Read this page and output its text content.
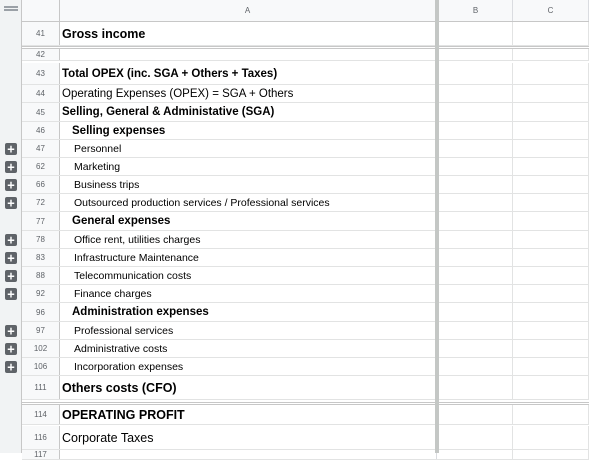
+
+
+
+
+
+
+
+
+
+
+
A	B	C
41	Gross income
42
43	Total OPEX (inc. SGA + Others + Taxes)
44	Operating Expenses (OPEX) = SGA + Others
45	Selling, General & Administative (SGA)
46	Selling expenses
47	Personnel
62	Marketing
66	Business trips
72	Outsourced production services / Professional services
77	General expenses
78	Office rent, utilities charges
83	Infrastructure Maintenance
88	Telecommunication costs
92	Finance charges
96	Administration expenses
97	Professional services
102	Administrative costs
106	Incorporation expenses
111	Others costs (CFO)
114	OPERATING PROFIT
116	Corporate Taxes
117
